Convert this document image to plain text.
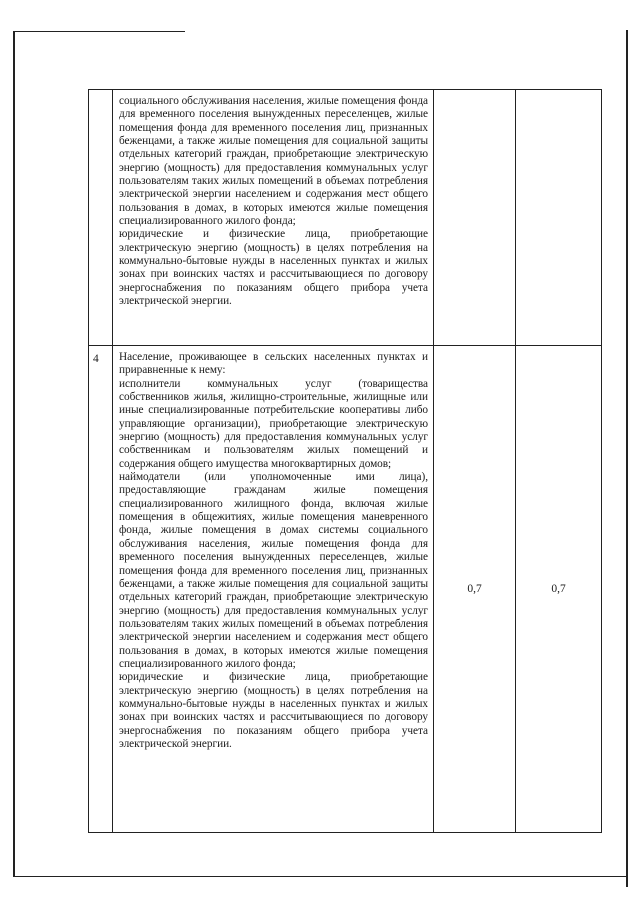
	социального обслуживания населения, жилые помещения фонда для временного поселения вынужденных переселенцев, жилые помещения фонда для временного поселения лиц, признанных беженцами, а также жилые помещения для социальной защиты отдельных категорий граждан, приобретающие электрическую энергию (мощность) для предоставления коммунальных услуг пользователям таких жилых помещений в объемах потребления электрической энергии населением и содержания мест общего пользования в домах, в которых имеются жилые помещения специализированного жилого фонда;

юридические и физические лица, приобретающие электрическую энергию (мощность) в целях потребления на коммунально-бытовые нужды в населенных пунктах и жилых зонах при воинских частях и рассчитывающиеся по договору энергоснабжения по показаниям общего прибора учета электрической энергии.		

4	Население, проживающее в сельских населенных пунктах и приравненные к нему:

исполнители коммунальных услуг (товарищества собственников жилья, жилищно-строительные, жилищные или иные специализированные потребительские кооперативы либо управляющие организации), приобретающие электрическую энергию (мощность) для предоставления коммунальных услуг собственникам и пользователям жилых помещений и содержания общего имущества многоквартирных домов;

наймодатели (или уполномоченные ими лица), предоставляющие гражданам жилые помещения специализированного жилищного фонда, включая жилые помещения в общежитиях, жилые помещения маневренного фонда, жилые помещения в домах системы социального обслуживания населения, жилые помещения фонда для временного поселения вынужденных переселенцев, жилые помещения фонда для временного поселения лиц, признанных беженцами, а также жилые помещения для социальной защиты отдельных категорий граждан, приобретающие электрическую энергию (мощность) для предоставления коммунальных услуг пользователям таких жилых помещений в объемах потребления электрической энергии населением и содержания мест общего пользования в домах, в которых имеются жилые помещения специализированного жилого фонда;

юридические и физические лица, приобретающие электрическую энергию (мощность) в целях потребления на коммунально-бытовые нужды в населенных пунктах и жилых зонах при воинских частях и рассчитывающиеся по договору энергоснабжения по показаниям общего прибора учета электрической энергии.	0,7	0,7
